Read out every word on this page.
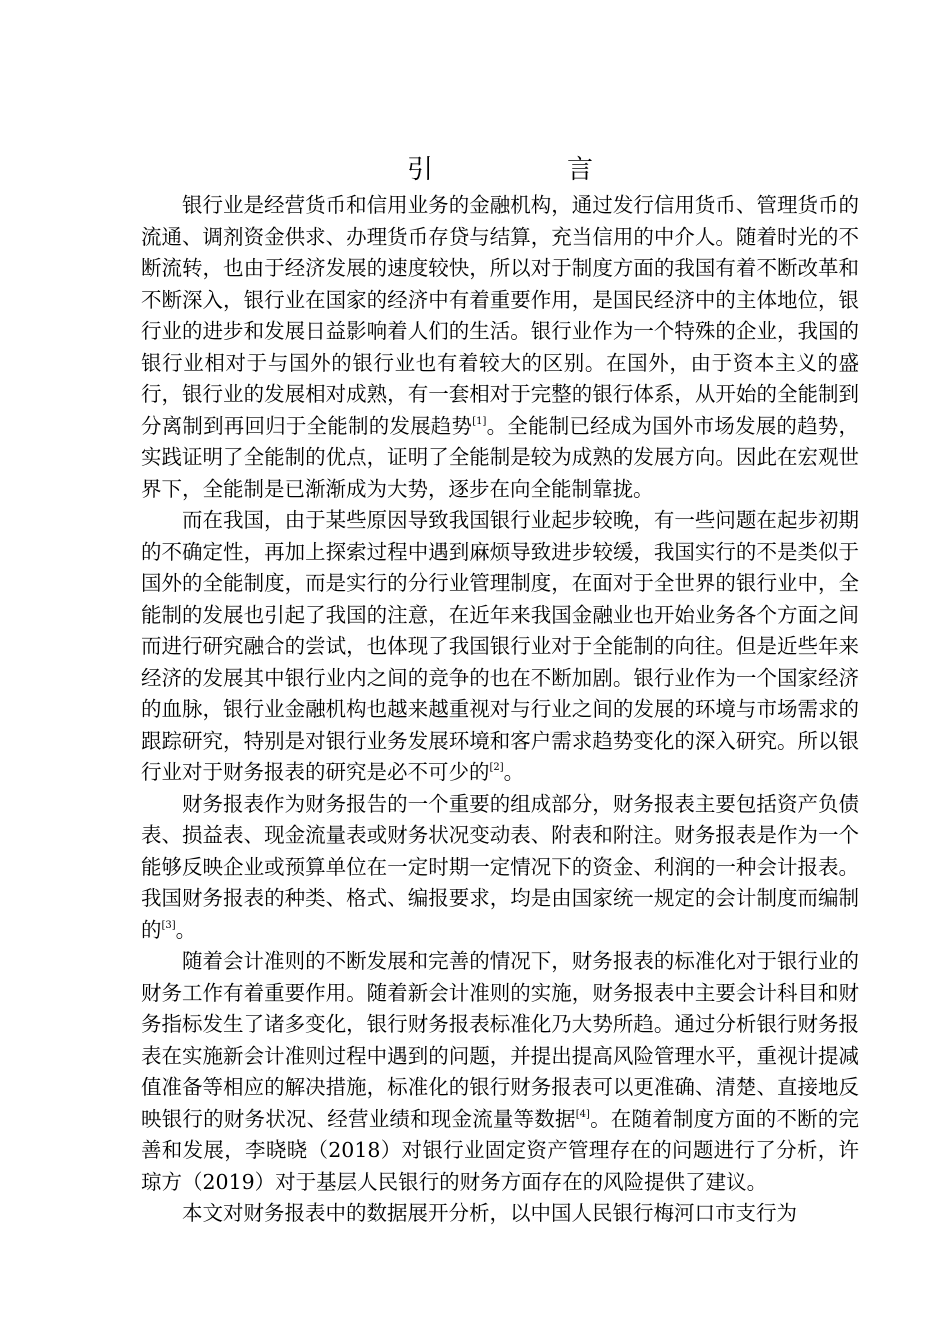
引　言

银行业是经营货币和信用业务的金融机构，通过发行信用货币、管理货币的流通、调剂资金供求、办理货币存贷与结算，充当信用的中介人。随着时光的不断流转，也由于经济发展的速度较快，所以对于制度方面的我国有着不断改革和不断深入，银行业在国家的经济中有着重要作用，是国民经济中的主体地位，银行业的进步和发展日益影响着人们的生活。银行业作为一个特殊的企业，我国的银行业相对于与国外的银行业也有着较大的区别。在国外，由于资本主义的盛行，银行业的发展相对成熟，有一套相对于完整的银行体系，从开始的全能制到分离制到再回归于全能制的发展趋势[1]。全能制已经成为国外市场发展的趋势，实践证明了全能制的优点，证明了全能制是较为成熟的发展方向。因此在宏观世界下，全能制是已渐渐成为大势，逐步在向全能制靠拢。

而在我国，由于某些原因导致我国银行业起步较晚，有一些问题在起步初期的不确定性，再加上探索过程中遇到麻烦导致进步较缓，我国实行的不是类似于国外的全能制度，而是实行的分行业管理制度，在面对于全世界的银行业中，全能制的发展也引起了我国的注意，在近年来我国金融业也开始业务各个方面之间而进行研究融合的尝试，也体现了我国银行业对于全能制的向往。但是近些年来经济的发展其中银行业内之间的竞争的也在不断加剧。银行业作为一个国家经济的血脉，银行业金融机构也越来越重视对与行业之间的发展的环境与市场需求的跟踪研究，特别是对银行业务发展环境和客户需求趋势变化的深入研究。所以银行业对于财务报表的研究是必不可少的[2]。

财务报表作为财务报告的一个重要的组成部分，财务报表主要包括资产负债表、损益表、现金流量表或财务状况变动表、附表和附注。财务报表是作为一个能够反映企业或预算单位在一定时期一定情况下的资金、利润的一种会计报表。我国财务报表的种类、格式、编报要求，均是由国家统一规定的会计制度而编制的[3]。

随着会计准则的不断发展和完善的情况下，财务报表的标准化对于银行业的财务工作有着重要作用。随着新会计准则的实施，财务报表中主要会计科目和财务指标发生了诸多变化，银行财务报表标准化乃大势所趋。通过分析银行财务报表在实施新会计准则过程中遇到的问题，并提出提高风险管理水平，重视计提减值准备等相应的解决措施，标准化的银行财务报表可以更准确、清楚、直接地反映银行的财务状况、经营业绩和现金流量等数据[4]。在随着制度方面的不断的完善和发展，李晓晓（2018）对银行业固定资产管理存在的问题进行了分析，许琼方（2019）对于基层人民银行的财务方面存在的风险提供了建议。

本文对财务报表中的数据展开分析，以中国人民银行梅河口市支行为
